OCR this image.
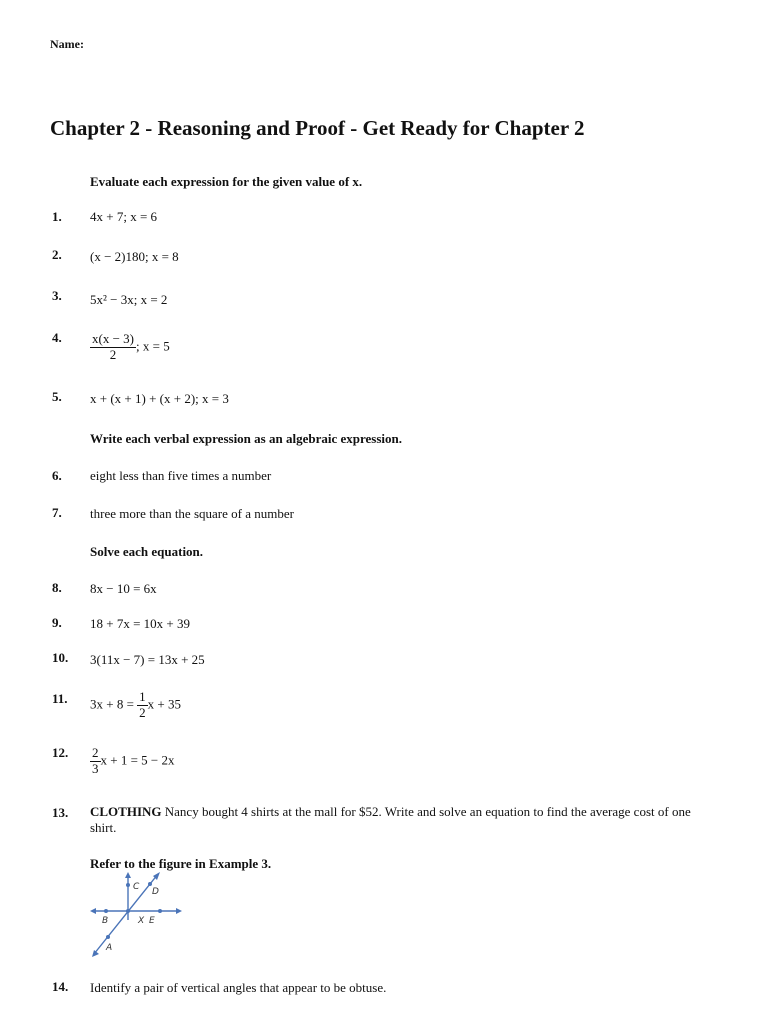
Name:
Chapter 2 - Reasoning and Proof - Get Ready for Chapter 2
Evaluate each expression for the given value of x.
1.	4x + 7; x = 6
2.	(x − 2)180; x = 8
3.	5x² − 3x; x = 2
4.	$\frac{x(x - 3)}{2}$ ; x = 5
5.	x + (x + 1) + (x + 2); x = 3
Write each verbal expression as an algebraic expression.
6.	eight less than five times a number
7.	three more than the square of a number
Solve each equation.
8.	8x − 10 = 6x
9.	18 + 7x = 10x + 39
10.	3(11x − 7) = 13x + 25
11.	$3x + 8 = \frac{1}{2}$ x + 35
12.	$\frac{2}{3}$ x + 1 = 5 − 2x
13.	CLOTHING Nancy bought 4 shirts at the mall for $52. Write and solve an equation to find the average cost of one shirt.
Refer to the figure in Example 3.
C D
B	X E
A
14.	Identify a pair of vertical angles that appear to be obtuse.
